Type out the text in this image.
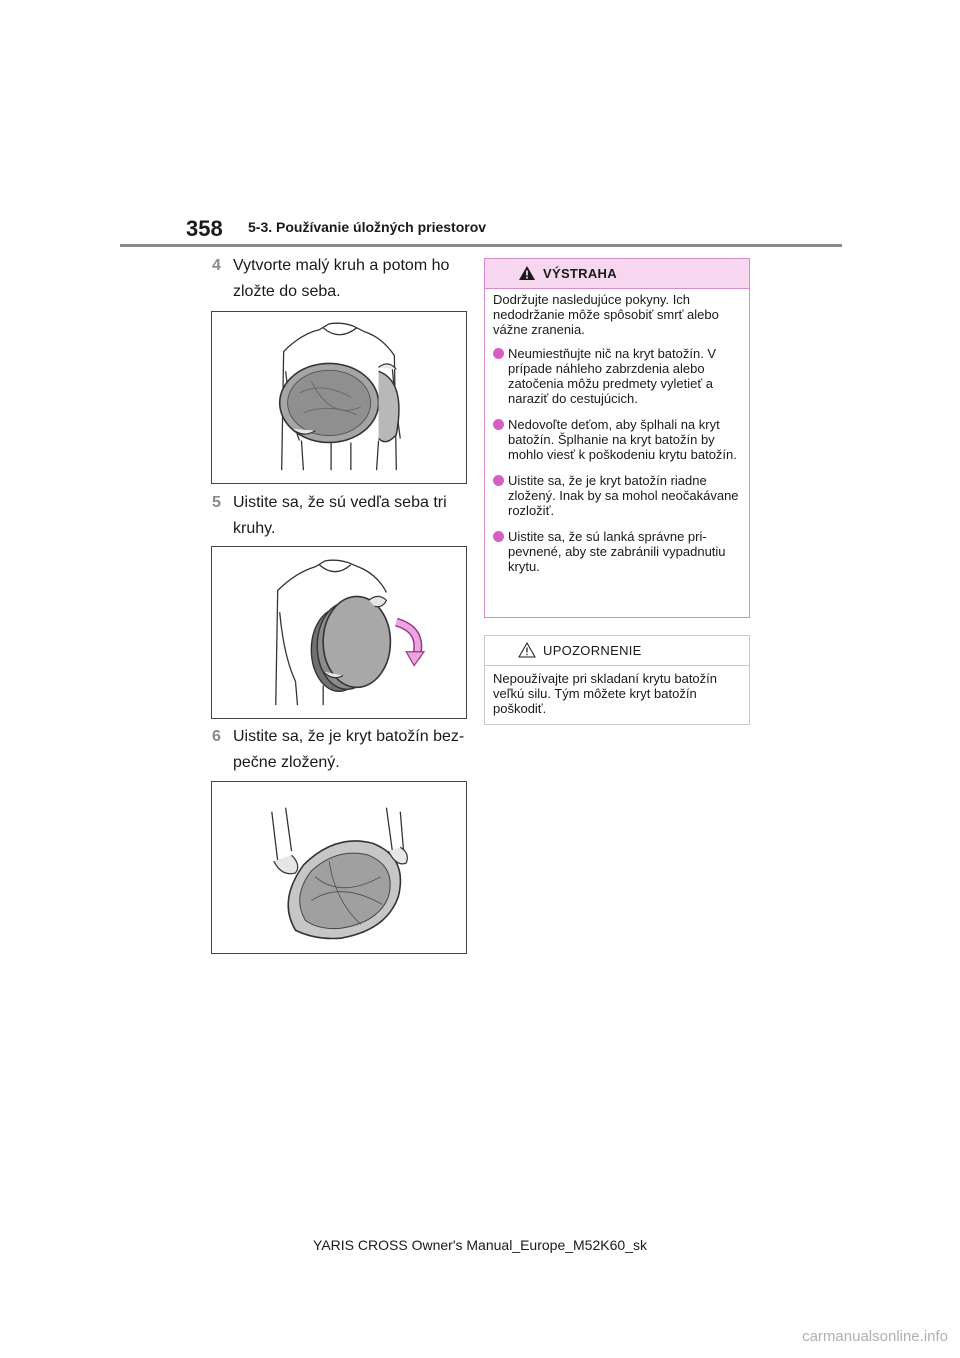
358 5-3. Používanie úložných priestorov
4 Vytvorte malý kruh a potom ho zložte do seba.
5 Uistite sa, že sú vedľa seba tri kruhy.
6 Uistite sa, že je kryt batožín bezpečne zložený.
VÝSTRAHA

Dodržujte nasledujúce pokyny. Ich nedodržanie môže spôsobiť smrť alebo vážne zranenia.

Neumiestňujte nič na kryt batožín. V prípade náhleho zabrzdenia alebo zatočenia môžu predmety vyletieť a naraziť do cestujúcich.
Nedovoľte deťom, aby šplhali na kryt batožín. Šplhanie na kryt batožín by mohlo viesť k poškodeniu krytu batožín.
Uistite sa, že je kryt batožín riadne zložený. Inak by sa mohol neočakávane rozložiť.
Uistite sa, že sú lanká správne pripevnené, aby ste zabránili vypadnutiu krytu.
UPOZORNENIE
Nepoužívajte pri skladaní krytu batožín veľkú silu. Tým môžete kryt batožín poškodiť.
YARIS CROSS Owner's Manual_Europe_M52K60_sk
carmanualsonline.info
